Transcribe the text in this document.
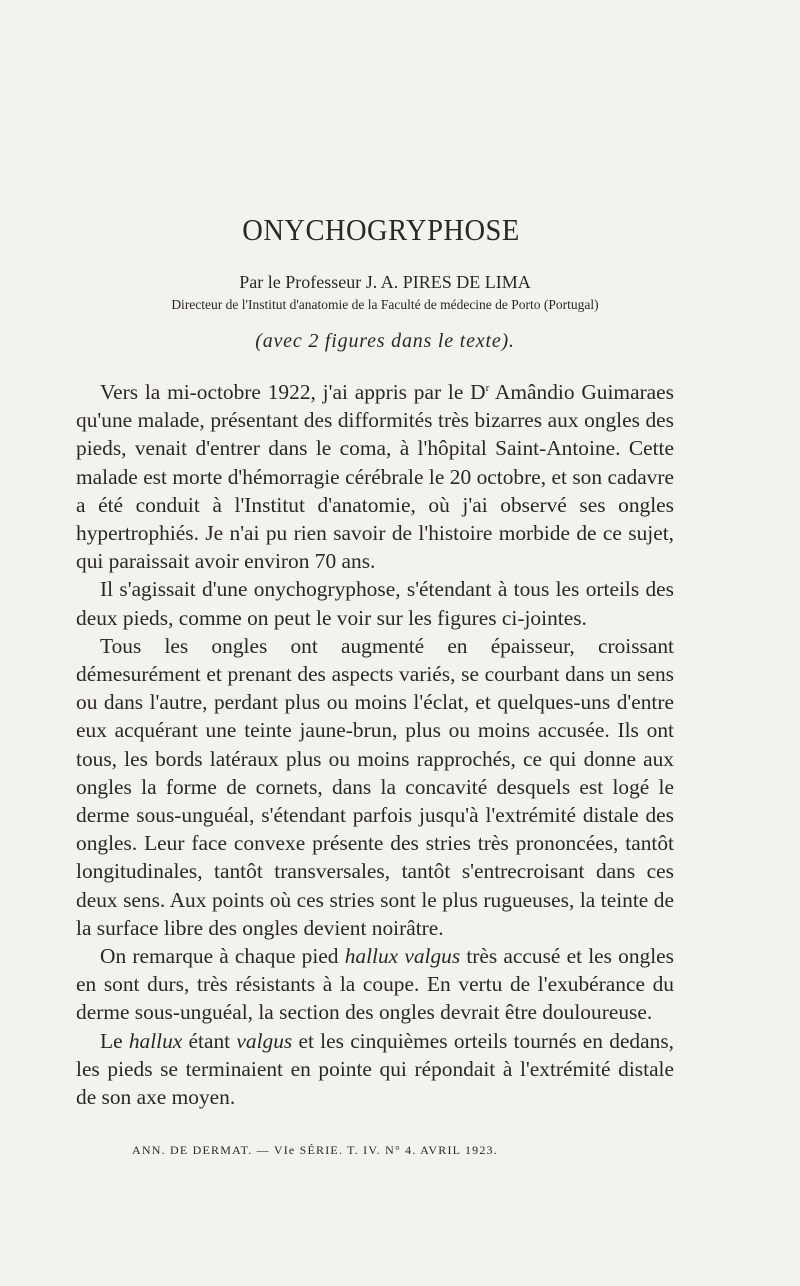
ONYCHOGRYPHOSE

Par le Professeur J. A. PIRES DE LIMA

Directeur de l'Institut d'anatomie de la Faculté de médecine de Porto (Portugal)

(avec 2 figures dans le texte).

Vers la mi-octobre 1922, j'ai appris par le $D^r$ Amândio Guimaraes qu'une malade, présentant des difformités très bizarres aux ongles des pieds, venait d'entrer dans le coma, à l'hôpital Saint-Antoine. Cette malade est morte d'hémorragie cérébrale le 20 octobre, et son cadavre a été conduit à l'Institut d'anatomie, où j'ai observé ses ongles hypertrophiés. Je n'ai pu rien savoir de l'histoire morbide de ce sujet, qui paraissait avoir environ 70 ans.

Il s'agissait d'une onychogryphose, s'étendant à tous les orteils des deux pieds, comme on peut le voir sur les figures ci-jointes.

Tous les ongles ont augmenté en épaisseur, croissant démesurément et prenant des aspects variés, se courbant dans un sens ou dans l'autre, perdant plus ou moins l'éclat, et quelques-uns d'entre eux acquérant une teinte jaune-brun, plus ou moins accusée. Ils ont tous, les bords latéraux plus ou moins rapprochés, ce qui donne aux ongles la forme de cornets, dans la concavité desquels est logé le derme sous-unguéal, s'étendant parfois jusqu'à l'extrémité distale des ongles. Leur face convexe présente des stries très prononcées, tantôt longitudinales, tantôt transversales, tantôt s'entrecroisant dans ces deux sens. Aux points où ces stries sont le plus rugueuses, la teinte de la surface libre des ongles devient noirâtre.

On remarque à chaque pied hallux valgus très accusé et les ongles en sont durs, très résistants à la coupe. En vertu de l'exubérance du derme sous-unguéal, la section des ongles devrait être douloureuse.

Le hallux étant valgus et les cinquièmes orteils tournés en dedans, les pieds se terminaient en pointe qui répondait à l'extrémité distale de son axe moyen.

ANN. DE DERMAT. — VIe SÉRIE. T. IV. N° 4. AVRIL 1923.
